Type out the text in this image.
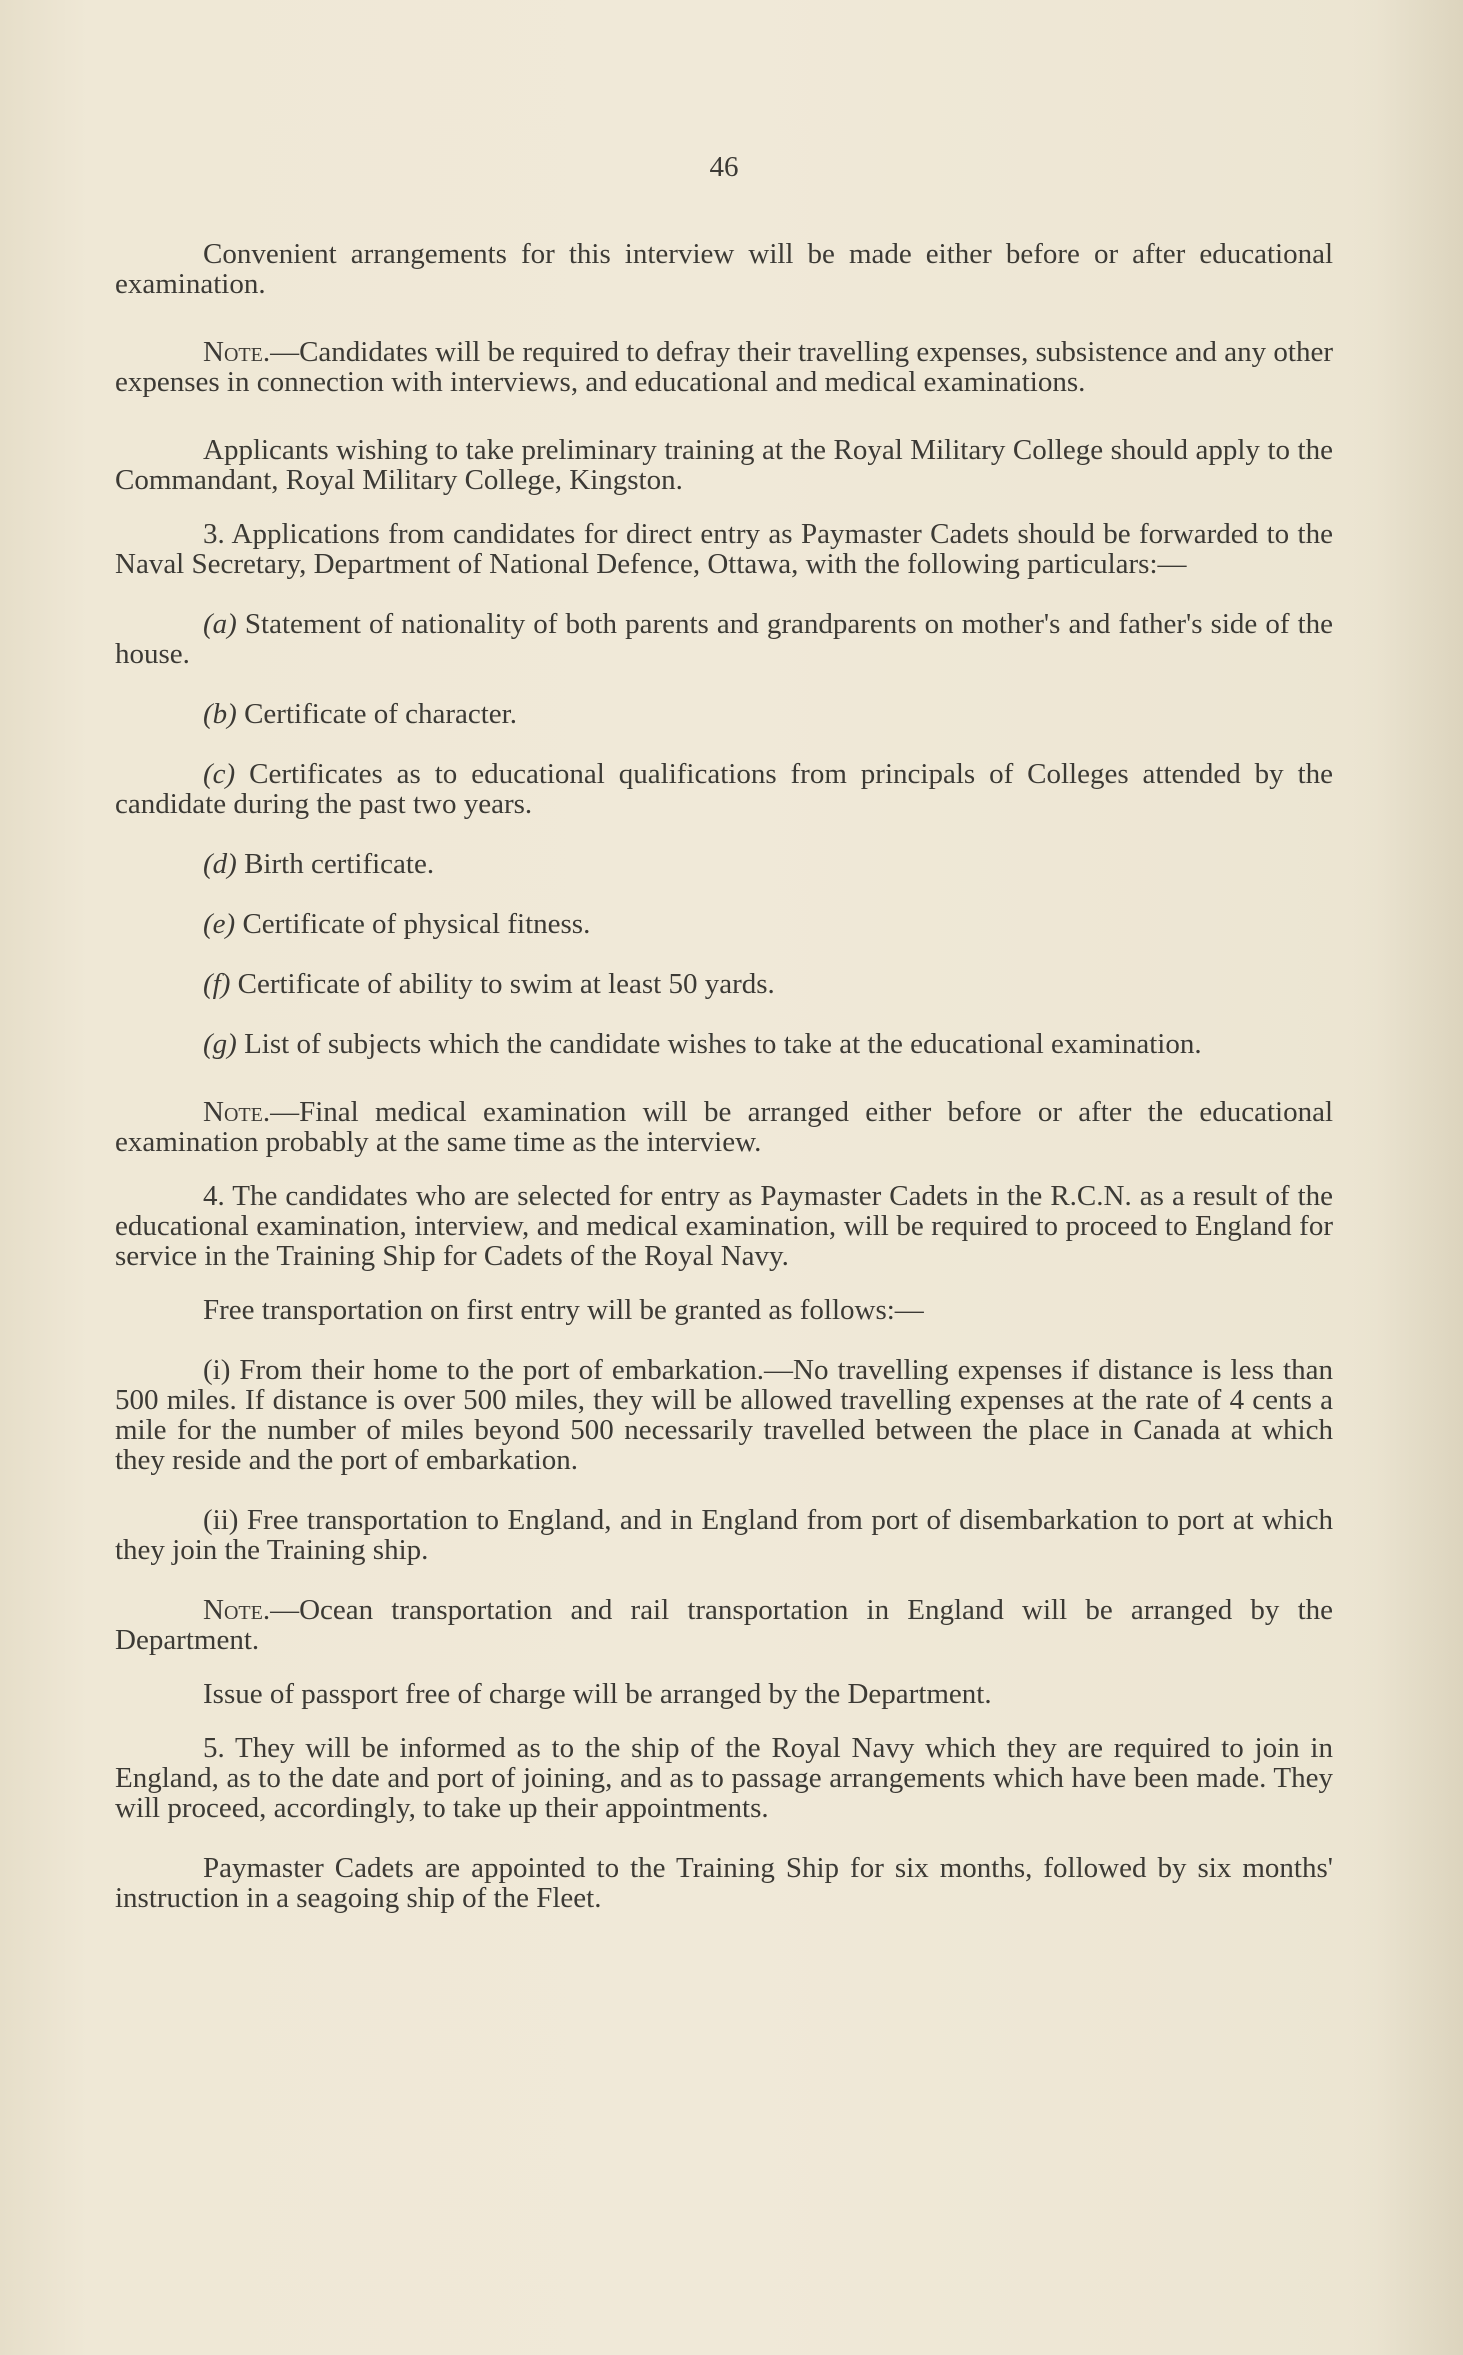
46

Convenient arrangements for this interview will be made either before or after educational examination.

Note.—Candidates will be required to defray their travelling expenses, subsistence and any other expenses in connection with interviews, and educational and medical examinations.

Applicants wishing to take preliminary training at the Royal Military College should apply to the Commandant, Royal Military College, Kingston.

3. Applications from candidates for direct entry as Paymaster Cadets should be forwarded to the Naval Secretary, Department of National Defence, Ottawa, with the following particulars:—

(a) Statement of nationality of both parents and grandparents on mother's and father's side of the house.

(b) Certificate of character.

(c) Certificates as to educational qualifications from principals of Colleges attended by the candidate during the past two years.

(d) Birth certificate.

(e) Certificate of physical fitness.

(f) Certificate of ability to swim at least 50 yards.

(g) List of subjects which the candidate wishes to take at the educational examination.

Note.—Final medical examination will be arranged either before or after the educational examination probably at the same time as the interview.

4. The candidates who are selected for entry as Paymaster Cadets in the R.C.N. as a result of the educational examination, interview, and medical examination, will be required to proceed to England for service in the Training Ship for Cadets of the Royal Navy.

Free transportation on first entry will be granted as follows:—

(i) From their home to the port of embarkation.—No travelling expenses if distance is less than 500 miles. If distance is over 500 miles, they will be allowed travelling expenses at the rate of 4 cents a mile for the number of miles beyond 500 necessarily travelled between the place in Canada at which they reside and the port of embarkation.

(ii) Free transportation to England, and in England from port of disembarkation to port at which they join the Training ship.

Note.—Ocean transportation and rail transportation in England will be arranged by the Department.

Issue of passport free of charge will be arranged by the Department.

5. They will be informed as to the ship of the Royal Navy which they are required to join in England, as to the date and port of joining, and as to passage arrangements which have been made. They will proceed, accordingly, to take up their appointments.

Paymaster Cadets are appointed to the Training Ship for six months, followed by six months' instruction in a seagoing ship of the Fleet.
